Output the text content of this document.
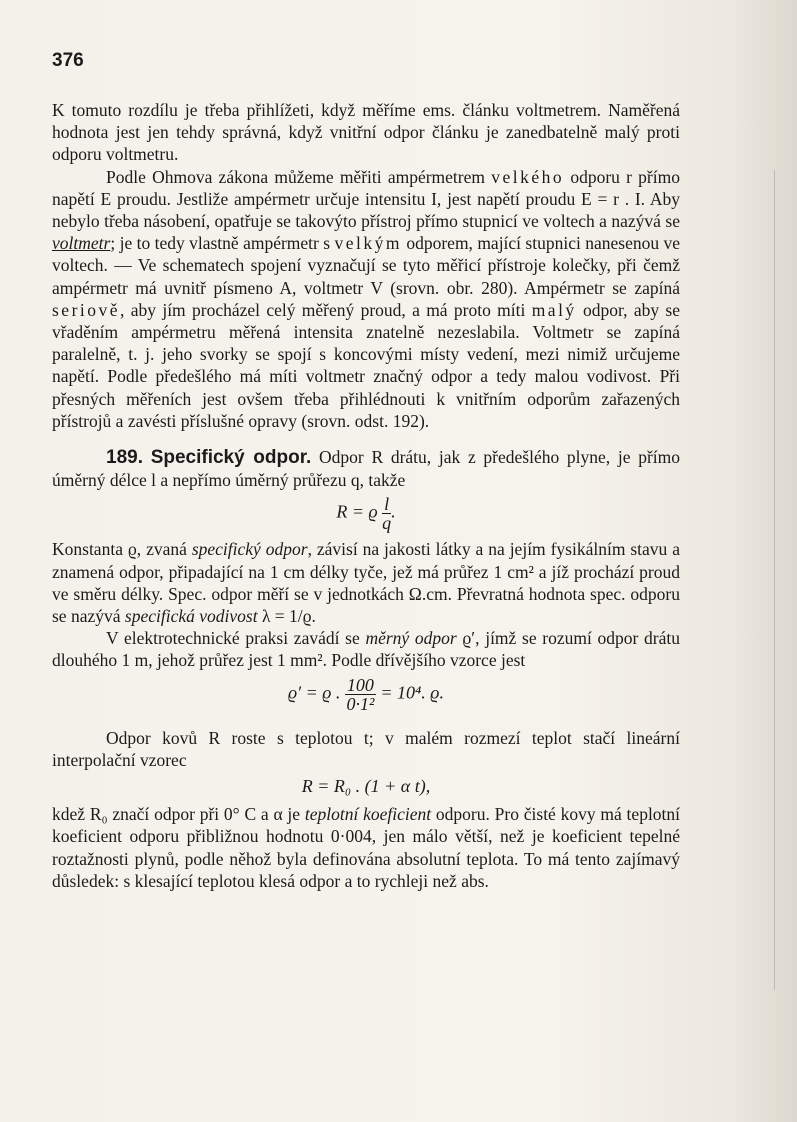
376

K tomuto rozdílu je třeba přihlížeti, když měříme ems. článku voltmetrem. Naměřená hodnota jest jen tehdy správná, když vnitřní odpor článku je zanedbatelně malý proti odporu voltmetru.

Podle Ohmova zákona můžeme měřiti ampérmetrem velkého odporu r přímo napětí E proudu. Jestliže ampérmetr určuje intensitu I, jest napětí proudu E = r . I. Aby nebylo třeba násobení, opatřuje se takovýto přístroj přímo stupnicí ve voltech a nazývá se voltmetr; je to tedy vlastně ampérmetr s velkým odporem, mající stupnici nanesenou ve voltech. — Ve schematech spojení vyznačují se tyto měřicí přístroje kolečky, při čemž ampérmetr má uvnitř písmeno A, voltmetr V (srovn. obr. 280). Ampérmetr se zapíná seriově, aby jím procházel celý měřený proud, a má proto míti malý odpor, aby se vřaděním ampérmetru měřená intensita znatelně nezeslabila. Voltmetr se zapíná paralelně, t. j. jeho svorky se spojí s koncovými místy vedení, mezi nimiž určujeme napětí. Podle předešlého má míti voltmetr značný odpor a tedy malou vodivost. Při přesných měřeních jest ovšem třeba přihlédnouti k vnitřním odporům zařazených přístrojů a zavésti příslušné opravy (srovn. odst. 192).

189. Specifický odpor. Odpor R drátu, jak z předešlého plyne, je přímo úměrný délce l a nepřímo úměrný průřezu q, takže

R = ϱ $\frac{l}{q}$ .

Konstanta ϱ, zvaná specifický odpor, závisí na jakosti látky a na jejím fysikálním stavu a znamená odpor, připadající na 1 cm délky tyče, jež má průřez 1 cm² a jíž prochází proud ve směru délky. Spec. odpor měří se v jednotkách Ω.cm. Převratná hodnota spec. odporu se nazývá specifická vodivost λ = 1/ϱ.

V elektrotechnické praksi zavádí se měrný odpor ϱ′, jímž se rozumí odpor drátu dlouhého 1 m, jehož průřez jest 1 mm². Podle dřívějšího vzorce jest

ϱ′ = ϱ . $\frac{100}{\text{0·1²}} = 10^4$. ϱ.

Odpor kovů R roste s teplotou t; v malém rozmezí teplot stačí lineární interpolační vzorec

R = R₀ . (1 + α t),

kdež R₀ značí odpor při 0° C a α je teplotní koeficient odporu. Pro čisté kovy má teplotní koeficient odporu přibližnou hodnotu 0·004, jen málo větší, než je koeficient tepelné roztažnosti plynů, podle něhož byla definována absolutní teplota. To má tento zajímavý důsledek: s klesající teplotou klesá odpor a to rychleji než abs.
